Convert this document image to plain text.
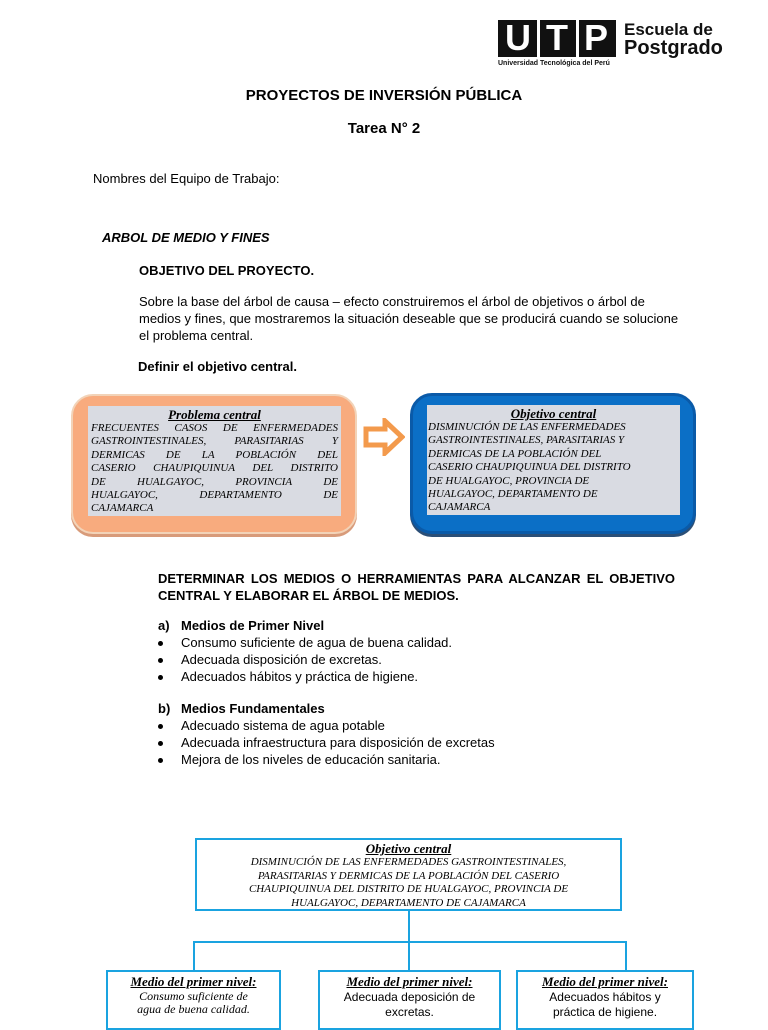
U T P Escuela de
Postgrado
Universidad Tecnológica del Perú
PROYECTOS DE INVERSIÓN PÚBLICA
Tarea N° 2
Nombres del Equipo de Trabajo:
ARBOL DE MEDIO Y FINES
OBJETIVO DEL PROYECTO.
Sobre la base del árbol de causa – efecto construiremos el árbol de objetivos o árbol de medios y fines, que mostraremos la situación deseable que se producirá cuando se solucione el problema central.
Definir el objetivo central.
Problema central
FRECUENTES CASOS DE ENFERMEDADES
GASTROINTESTINALES, PARASITARIAS Y
DERMICAS DE LA POBLACIÓN DEL
CASERIO CHAUPIQUINUA DEL DISTRITO
DE HUALGAYOC, PROVINCIA DE
HUALGAYOC, DEPARTAMENTO DE
CAJAMARCA
Objetivo central
DISMINUCIÓN DE LAS ENFERMEDADES
GASTROINTESTINALES, PARASITARIAS Y
DERMICAS DE LA POBLACIÓN DEL
CASERIO CHAUPIQUINUA DEL DISTRITO
DE HUALGAYOC, PROVINCIA DE
HUALGAYOC, DEPARTAMENTO DE
CAJAMARCA
DETERMINAR LOS MEDIOS O HERRAMIENTAS PARA ALCANZAR EL OBJETIVO CENTRAL Y ELABORAR EL ÁRBOL DE MEDIOS.
a) Medios de Primer Nivel
Consumo suficiente de agua de buena calidad.
Adecuada disposición de excretas.
Adecuados hábitos y práctica de higiene.
b) Medios Fundamentales
Adecuado sistema de agua potable
Adecuada infraestructura para disposición de excretas
Mejora de los niveles de educación sanitaria.
Objetivo central
DISMINUCIÓN DE LAS ENFERMEDADES GASTROINTESTINALES,
PARASITARIAS Y DERMICAS DE LA POBLACIÓN DEL CASERIO
CHAUPIQUINUA DEL DISTRITO DE HUALGAYOC, PROVINCIA DE
HUALGAYOC, DEPARTAMENTO DE CAJAMARCA
Medio del primer nivel:
Consumo suficiente de
agua de buena calidad.
Medio del primer nivel:
Adecuada deposición de
excretas.
Medio del primer nivel:
Adecuados hábitos y
práctica de higiene.
